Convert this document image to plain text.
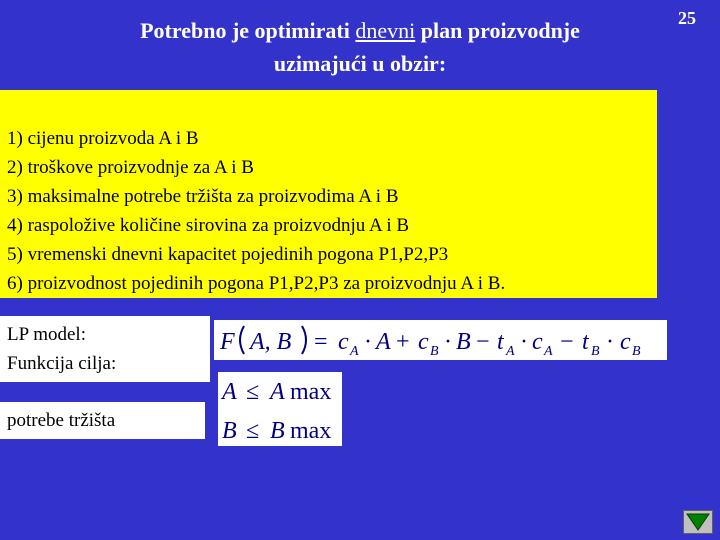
Potrebno je optimirati dnevni plan proizvodnje
uzimajući u obzir:
25
1) cijenu proizvoda A i B
2) troškove proizvodnje za A i B
3) maksimalne potrebe tržišta za proizvodima A i B
4) raspoložive količine sirovina za proizvodnju A i B
5) vremenski dnevni kapacitet pojedinih pogona P1,P2,P3
6) proizvodnost pojedinih pogona P1,P2,P3 za proizvodnju A i B.
LP model:
Funkcija cilja:
potrebe tržišta
F A, B = c A · A + c B · B − t A · c A − t B · c B
A ≤ A max
B ≤ B max
